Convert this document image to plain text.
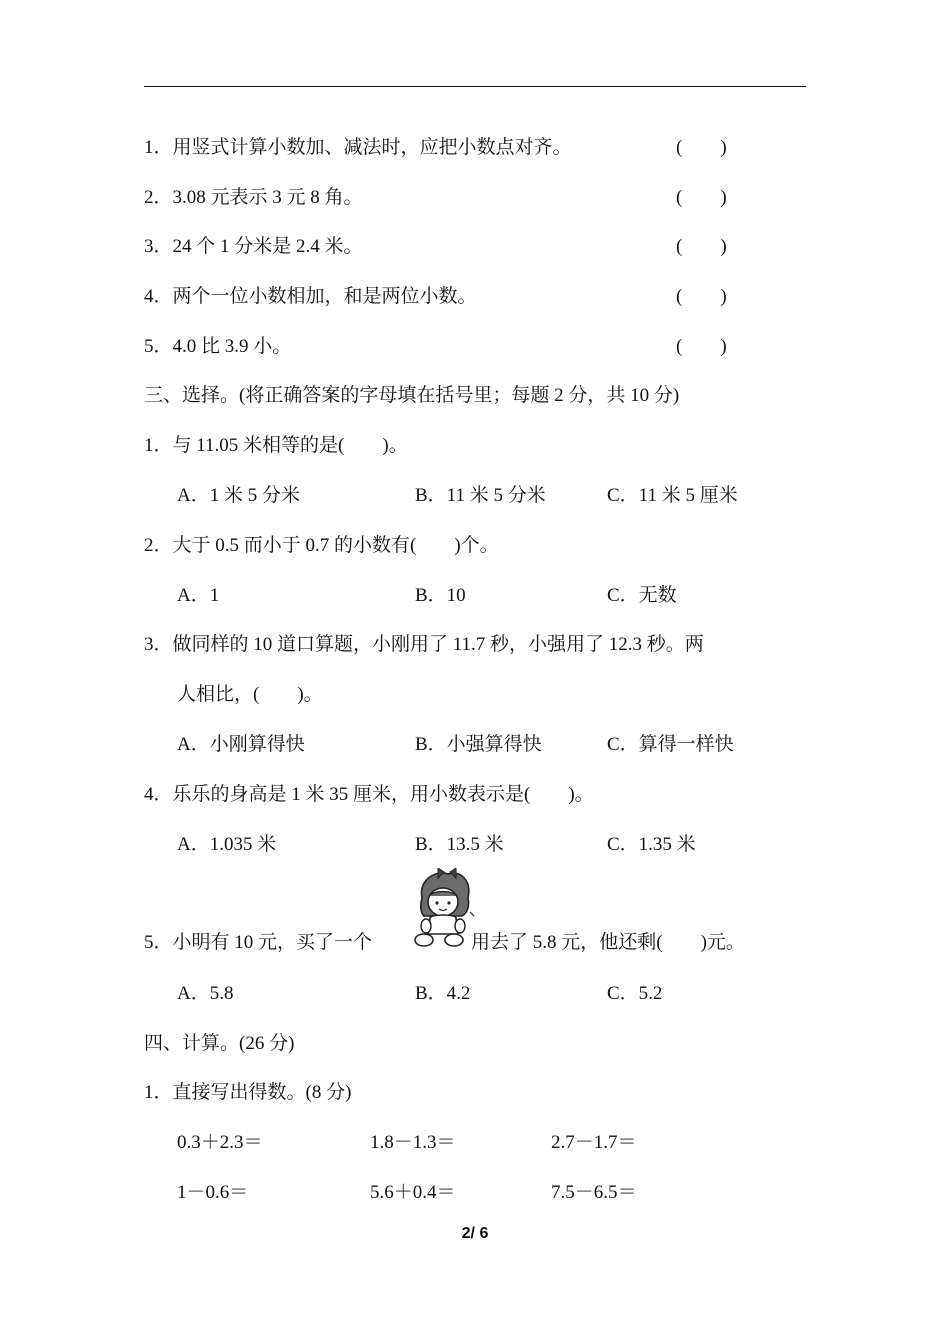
1．用竖式计算小数加、减法时，应把小数点对齐。	(　　)
2．3.08 元表示 3 元 8 角。	(　　)
3．24 个 1 分米是 2.4 米。	(　　)
4．两个一位小数相加，和是两位小数。	(　　)
5．4.0 比 3.9 小。	(　　)
三、选择。(将正确答案的字母填在括号里；每题 2 分，共 10 分)
1．与 11.05 米相等的是(　　)。
A．1 米 5 分米	B．11 米 5 分米	C．11 米 5 厘米
2．大于 0.5 而小于 0.7 的小数有(　　)个。
A．1	B．10	C．无数
3．做同样的 10 道口算题，小刚用了 11.7 秒，小强用了 12.3 秒。两
人相比，(　　)。
A．小刚算得快	B．小强算得快	C．算得一样快
4．乐乐的身高是 1 米 35 厘米，用小数表示是(　　)。
A．1.035 米	B．13.5 米	C．1.35 米
5．小明有 10 元，买了一个	用去了 5.8 元，他还剩(　　)元。
A．5.8	B．4.2	C．5.2
四、计算。(26 分)
1．直接写出得数。(8 分)
0.3＋2.3＝	1.8－1.3＝	2.7－1.7＝
1－0.6＝	5.6＋0.4＝	7.5－6.5＝
2/ 6
